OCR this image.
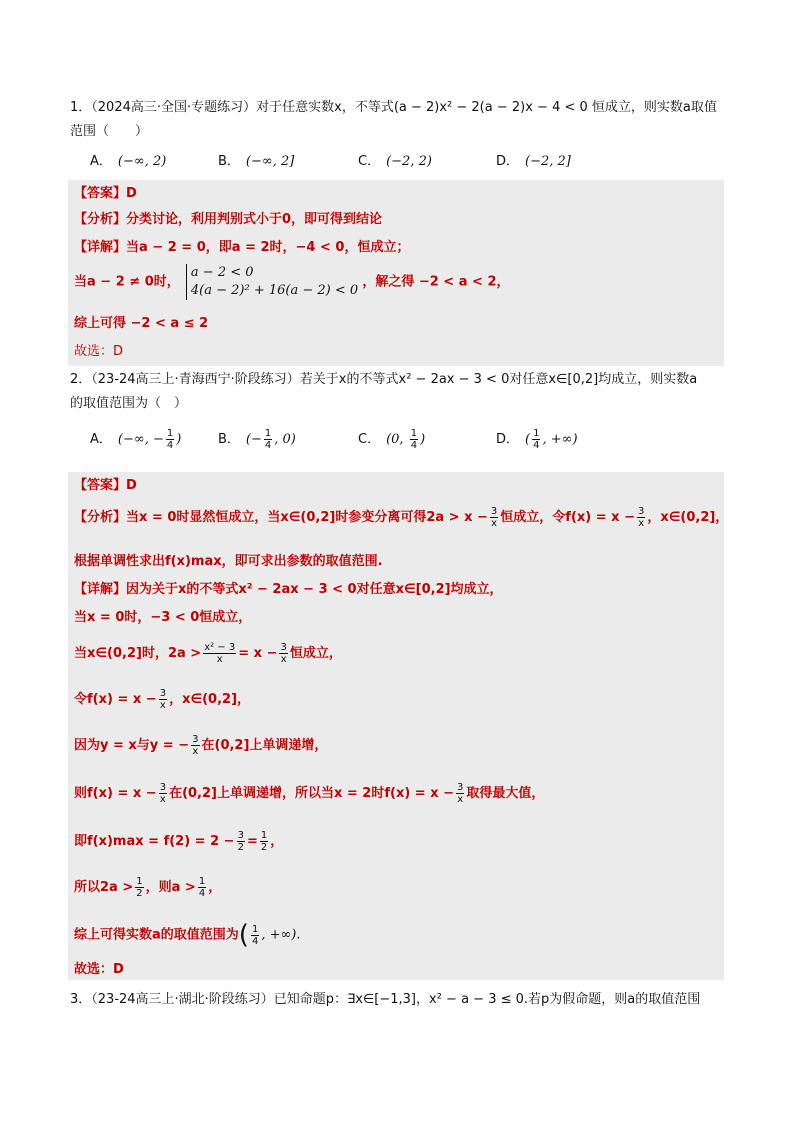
1．（2024高三·全国·专题练习）对于任意实数x，不等式(a − 2)x² − 2(a − 2)x − 4 < 0 恒成立，则实数a取值
范围（　　）
A． (−∞, 2)	B． (−∞, 2]	C． (−2, 2)	D． (−2, 2]
【答案】D
【分析】分类讨论，利用判别式小于0，即可得到结论
【详解】当a − 2 = 0，即a = 2时，−4 < 0，恒成立；
当a − 2 ≠ 0时，
a − 2 < 0
4(a − 2)² + 16(a − 2) < 0
，解之得 −2 < a < 2，
综上可得 −2 < a ≤ 2
故选：D
2．（23-24高三上·青海西宁·阶段练习）若关于x的不等式x² − 2ax − 3 < 0对任意x∈[0,2]均成立，则实数a
的取值范围为（　）
A． (−∞, − $\frac{1}{4}$ )	B． (− $\frac{1}{4}$ , 0)	C． (0, $\frac{1}{4}$ )	D． ( $\frac{1}{4}$ , +∞)
【答案】D
【分析】当x = 0时显然恒成立，当x∈(0,2]时参变分离可得$2a > x - \frac{3}{x}$ 恒成立，令$f(x) = x - \frac{3}{x}$ ，x∈(0,2]，
根据单调性求出f(x)max，即可求出参数的取值范围.
【详解】因为关于x的不等式x² − 2ax − 3 < 0对任意x∈[0,2]均成立，
当x = 0时，−3 < 0恒成立，
当x∈(0,2]时，$2a > \frac{\text{x² − 3}}{x} = x - \frac{3}{x}$ 恒成立，
令$f(x) = x - \frac{3}{x}$ ，x∈(0,2]，
因为y = x与y = − $\frac{3}{x}$ 在(0,2]上单调递增，
则$f(x) = x - \frac{3}{x}$ 在(0,2]上单调递增，所以当x = 2时$f(x) = x - \frac{3}{x}$ 取得最大值，
即$f(x)\max = f(2) = 2 - \frac{3}{2} = \frac{1}{2}$ ，
所以$2a > \frac{1}{2}$ ，则$a > \frac{1}{4}$ ，
综上可得实数a的取值范围为( $\frac{1}{4}$ , +∞).
故选：D
3．（23-24高三上·湖北·阶段练习）已知命题p：∃x∈[−1,3]，x² − a − 3 ≤ 0.若p为假命题，则a的取值范围
